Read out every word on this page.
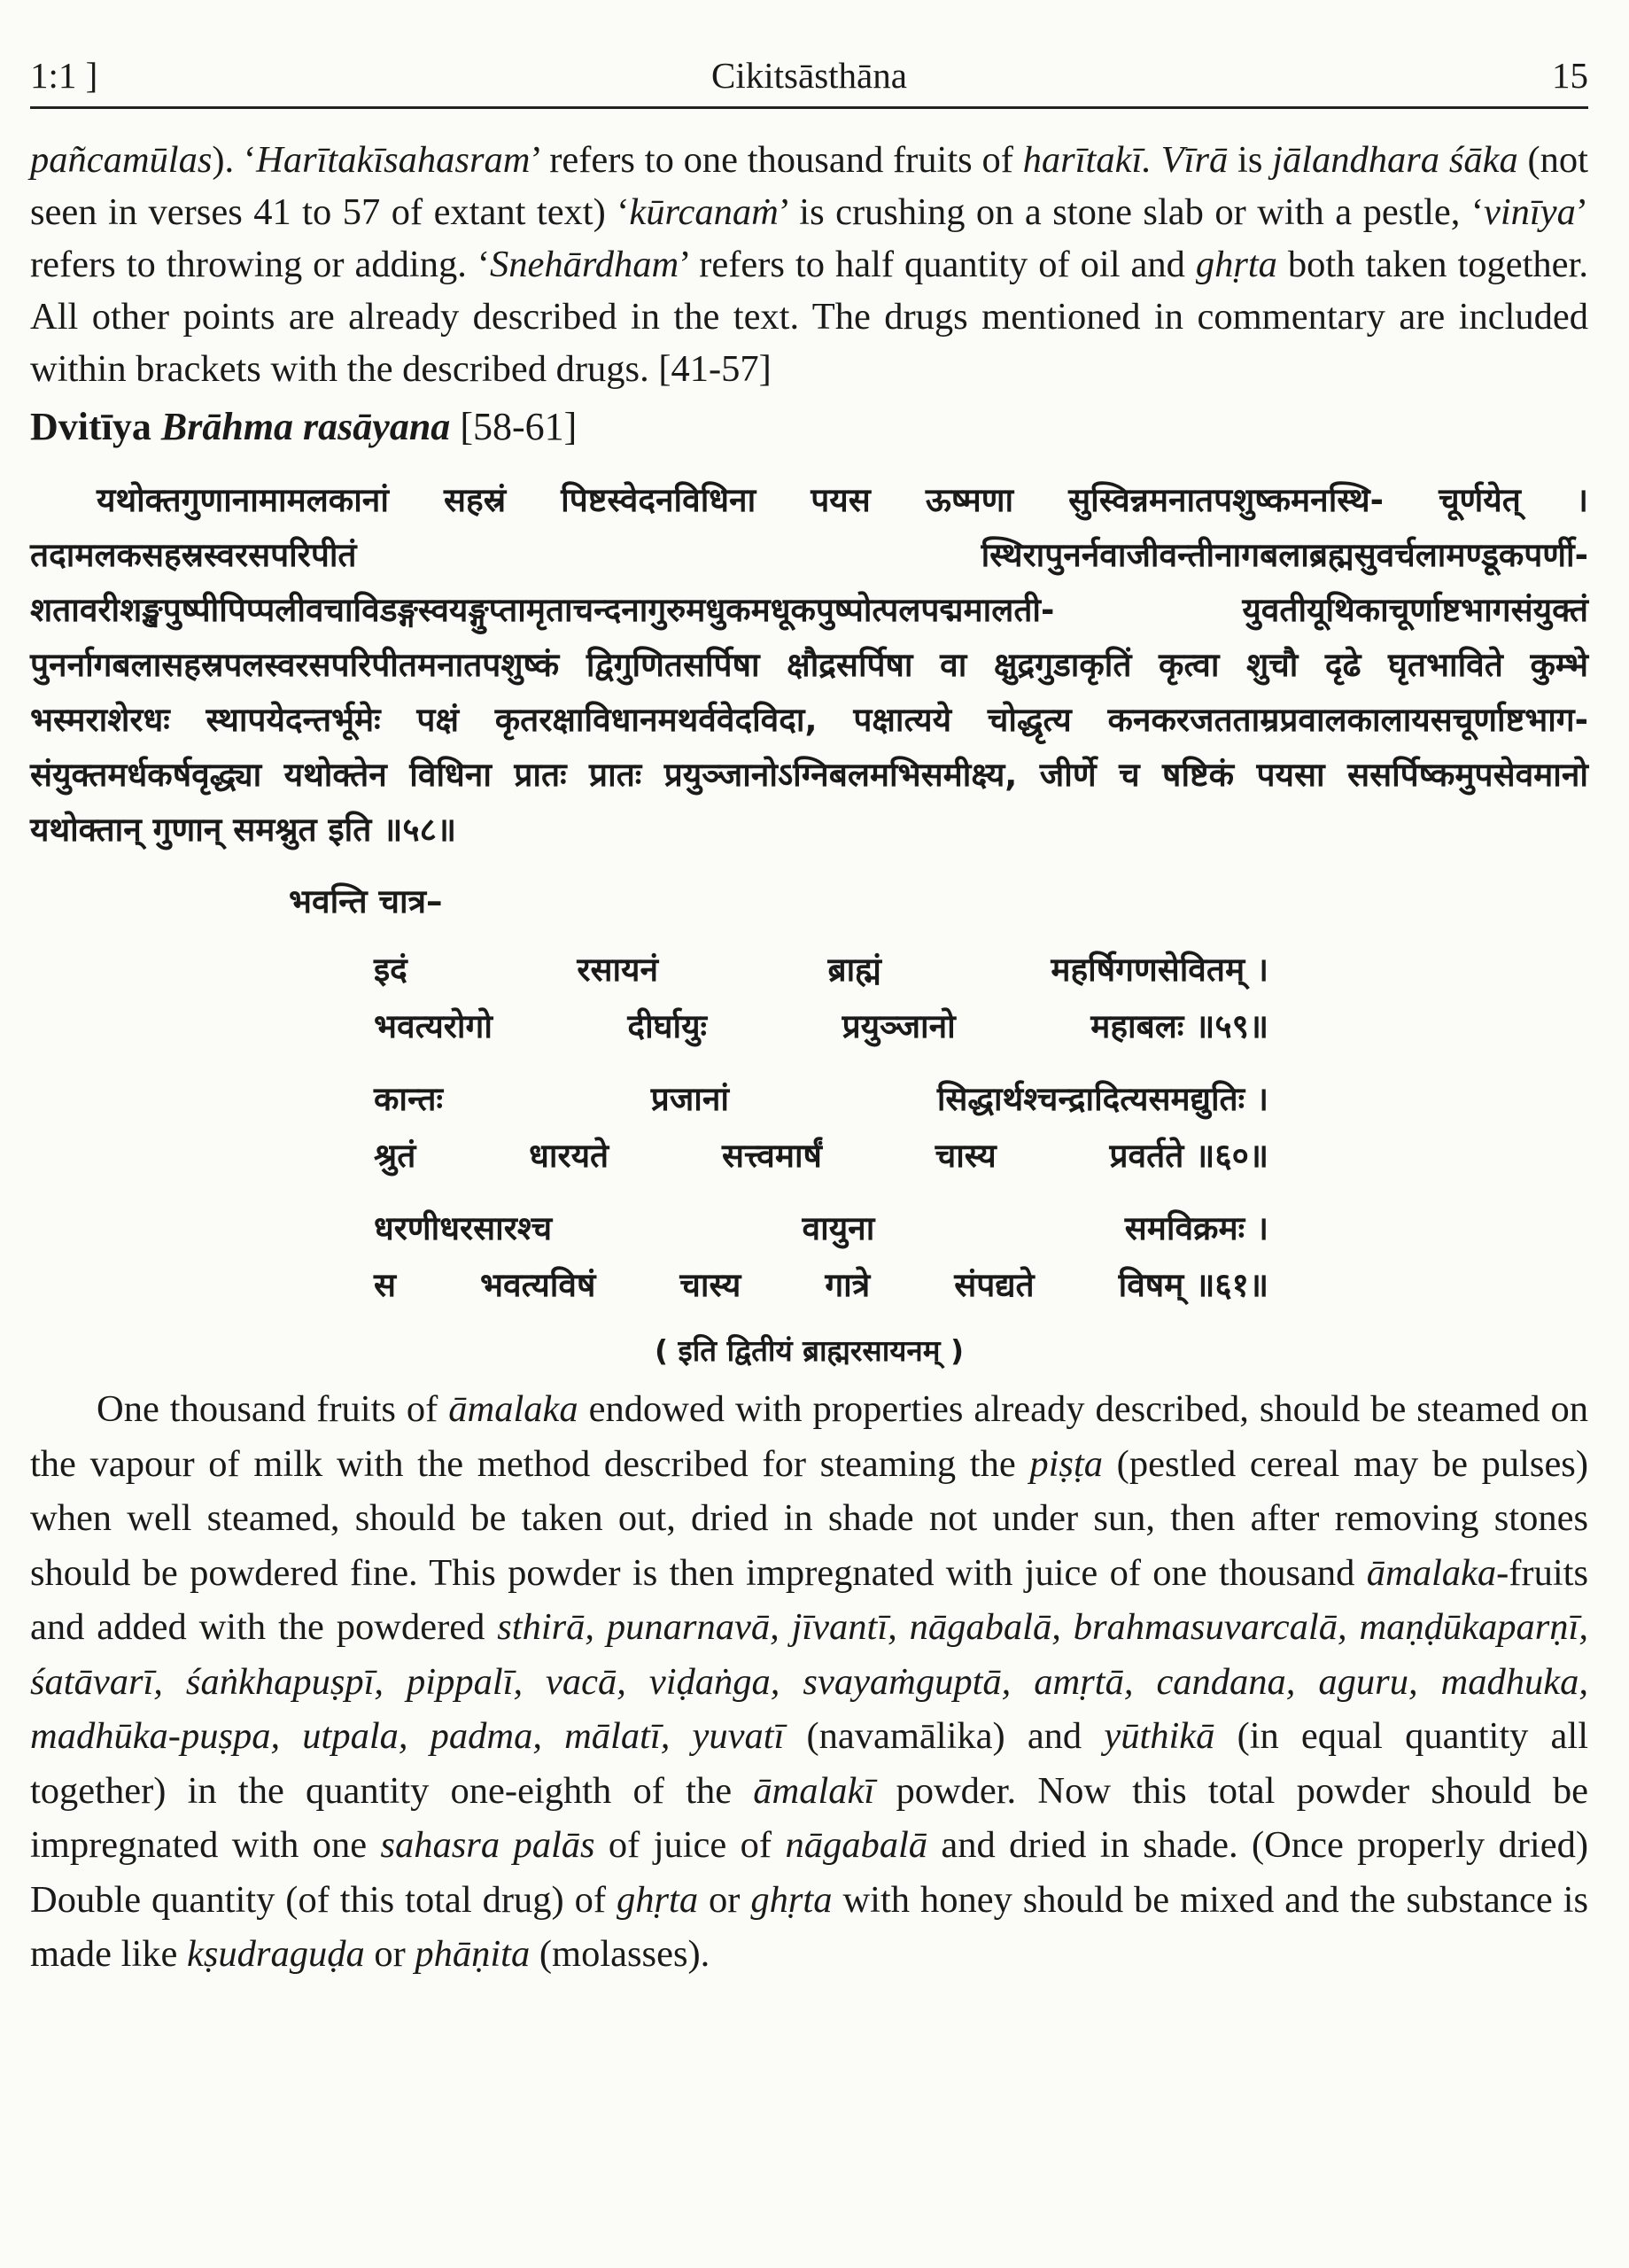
1:1 ]	Cikitsāsthāna	15

pañcamūlas). ‘Harītakīsahasram’ refers to one thousand fruits of harītakī. Vīrā is jālandhara śāka (not seen in verses 41 to 57 of extant text) ‘kūrcanaṁ’ is crushing on a stone slab or with a pestle, ‘vinīya’ refers to throwing or adding. ‘Snehārdham’ refers to half quantity of oil and ghṛta both taken together. All other points are already described in the text. The drugs mentioned in commentary are included within brackets with the described drugs. [41-57]

Dvitīya Brāhma rasāyana [58-61]

यथोक्तगुणानामामलकानां सहस्रं पिष्टस्वेदनविधिना पयस ऊष्मणा सुस्विन्नमनातपशुष्कमनस्थि- चूर्णयेत् । तदामलकसहस्रस्वरसपरिपीतं स्थिरापुनर्नवाजीवन्तीनागबलाब्रह्मसुवर्चलामण्डूकपर्णी- शतावरीशङ्खपुष्पीपिप्पलीवचाविडङ्गस्वयङ्गुप्तामृताचन्दनागुरुमधुकमधूकपुष्पोत्पलपद्ममालती- युवतीयूथिकाचूर्णाष्टभागसंयुक्तं पुनर्नागबलासहस्रपलस्वरसपरिपीतमनातपशुष्कं द्विगुणितसर्पिषा क्षौद्रसर्पिषा वा क्षुद्रगुडाकृतिं कृत्वा शुचौ दृढे घृतभाविते कुम्भे भस्मराशेरधः स्थापयेदन्तर्भूमेः पक्षं कृतरक्षाविधानमथर्ववेदविदा, पक्षात्यये चोद्धृत्य कनकरजतताम्रप्रवालकालायसचूर्णाष्टभाग- संयुक्तमर्धकर्षवृद्ध्या यथोक्तेन विधिना प्रातः प्रातः प्रयुञ्जानोऽग्निबलमभिसमीक्ष्य, जीर्णे च षष्टिकं पयसा ससर्पिष्कमुपसेवमानो यथोक्तान् गुणान् समश्नुत इति ॥५८॥

भवन्ति चात्र–
इदं	रसायनं	ब्राह्मं	महर्षिगणसेवितम् ।
भवत्यरोगो	दीर्घायुः	प्रयुञ्जानो	महाबलः ॥५९॥
कान्तः	प्रजानां	सिद्धार्थश्चन्द्रादित्यसमद्युतिः ।
श्रुतं	धारयते	सत्त्वमार्षं	चास्य	प्रवर्तते ॥६०॥
धरणीधरसारश्च	वायुना	समविक्रमः ।
स	भवत्यविषं	चास्य	गात्रे	संपद्यते	विषम् ॥६१॥
( इति द्वितीयं ब्राह्मरसायनम् )

One thousand fruits of āmalaka endowed with properties already described, should be steamed on the vapour of milk with the method described for steaming the piṣṭa (pestled cereal may be pulses) when well steamed, should be taken out, dried in shade not under sun, then after removing stones should be powdered fine. This powder is then impregnated with juice of one thousand āmalaka-fruits and added with the powdered sthirā, punarnavā, jīvantī, nāgabalā, brahmasuvarcalā, maṇḍūkaparṇī, śatāvarī, śaṅkhapuṣpī, pippalī, vacā, viḍaṅga, svayaṁguptā, amṛtā, candana, aguru, madhuka, madhūka-puṣpa, utpala, padma, mālatī, yuvatī (navamālika) and yūthikā (in equal quantity all together) in the quantity one-eighth of the āmalakī powder. Now this total powder should be impregnated with one sahasra palās of juice of nāgabalā and dried in shade. (Once properly dried) Double quantity (of this total drug) of ghṛta or ghṛta with honey should be mixed and the substance is made like kṣudraguḍa or phāṇita (molasses).
